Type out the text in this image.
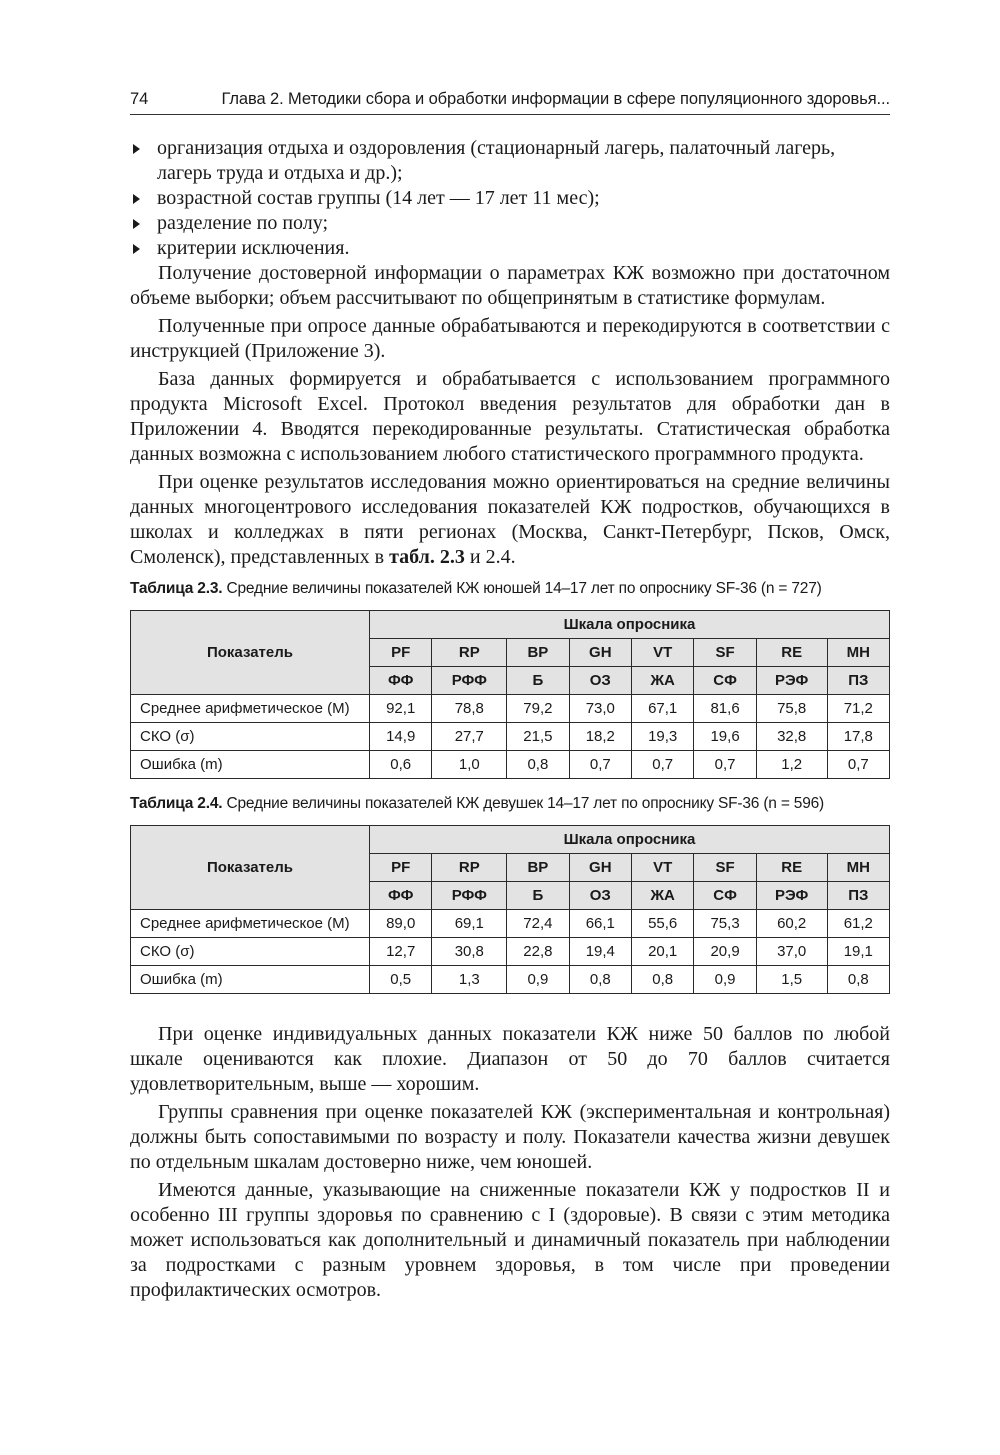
74	Глава 2. Методики сбора и обработки информации в сфере популяционного здоровья...
организация отдыха и оздоровления (стационарный лагерь, палаточный лагерь, лагерь труда и отдыха и др.);
возрастной состав группы (14 лет — 17 лет 11 мес);
разделение по полу;
критерии исключения.

Получение достоверной информации о параметрах КЖ возможно при достаточном объеме выборки; объем рассчитывают по общепринятым в статистике формулам.

Полученные при опросе данные обрабатываются и перекодируются в соответствии с инструкцией (Приложение 3).

База данных формируется и обрабатывается с использованием программного продукта Microsoft Excel. Протокол введения результатов для обработки дан в Приложении 4. Вводятся перекодированные результаты. Статистическая обработка данных возможна с использованием любого статистического программного продукта.

При оценке результатов исследования можно ориентироваться на средние величины данных многоцентрового исследования показателей КЖ подростков, обучающихся в школах и колледжах в пяти регионах (Москва, Санкт-Петербург, Псков, Омск, Смоленск), представленных в табл. 2.3 и 2.4.

Таблица 2.3. Средние величины показателей КЖ юношей 14–17 лет по опроснику SF-36 (n = 727)
Показатель	Шкала опросника							
	PF	RP	BP	GH	VT	SF	RE	MH
	ФФ	РФФ	Б	ОЗ	ЖА	СФ	РЭФ	ПЗ
Среднее арифметическое (М)	92,1	78,8	79,2	73,0	67,1	81,6	75,8	71,2
СКО (σ)	14,9	27,7	21,5	18,2	19,3	19,6	32,8	17,8
Ошибка (m)	0,6	1,0	0,8	0,7	0,7	0,7	1,2	0,7
Таблица 2.4. Средние величины показателей КЖ девушек 14–17 лет по опроснику SF-36 (n = 596)
Показатель	Шкала опросника							
	PF	RP	BP	GH	VT	SF	RE	MH
	ФФ	РФФ	Б	ОЗ	ЖА	СФ	РЭФ	ПЗ
Среднее арифметическое (М)	89,0	69,1	72,4	66,1	55,6	75,3	60,2	61,2
СКО (σ)	12,7	30,8	22,8	19,4	20,1	20,9	37,0	19,1
Ошибка (m)	0,5	1,3	0,9	0,8	0,8	0,9	1,5	0,8

При оценке индивидуальных данных показатели КЖ ниже 50 баллов по любой шкале оцениваются как плохие. Диапазон от 50 до 70 баллов считается удовлетворительным, выше — хорошим.

Группы сравнения при оценке показателей КЖ (экспериментальная и контрольная) должны быть сопоставимыми по возрасту и полу. Показатели качества жизни девушек по отдельным шкалам достоверно ниже, чем юношей.

Имеются данные, указывающие на сниженные показатели КЖ у подростков II и особенно III группы здоровья по сравнению с I (здоровые). В связи с этим методика может использоваться как дополнительный и динамичный показатель при наблюдении за подростками с разным уровнем здоровья, в том числе при проведении профилактических осмотров.
